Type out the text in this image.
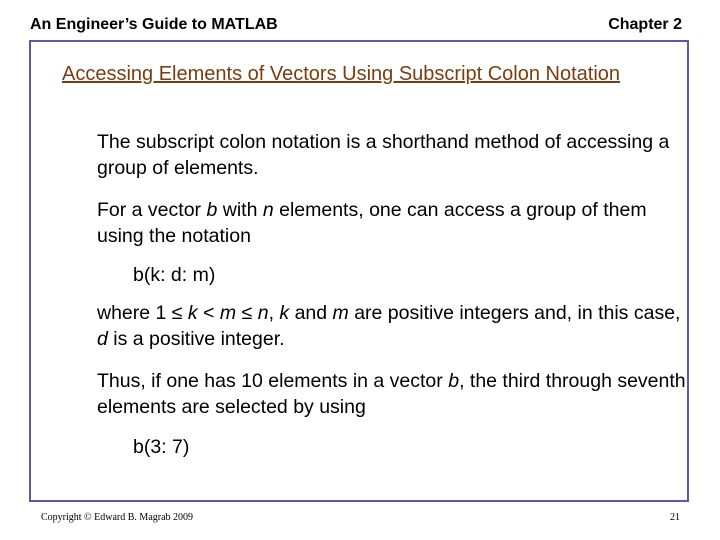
An Engineer’s Guide to MATLAB	Chapter 2
Accessing Elements of Vectors Using Subscript Colon Notation
The subscript colon notation is a shorthand method of accessing a group of elements.
For a vector b with n elements, one can access a group of them using the notation
b(k: d: m)
where 1 ≤ k < m ≤ n, k and m are positive integers and, in this case, d is a positive integer.
Thus, if one has 10 elements in a vector b, the third through seventh elements are selected by using
b(3: 7)
Copyright © Edward B. Magrab 2009	21
